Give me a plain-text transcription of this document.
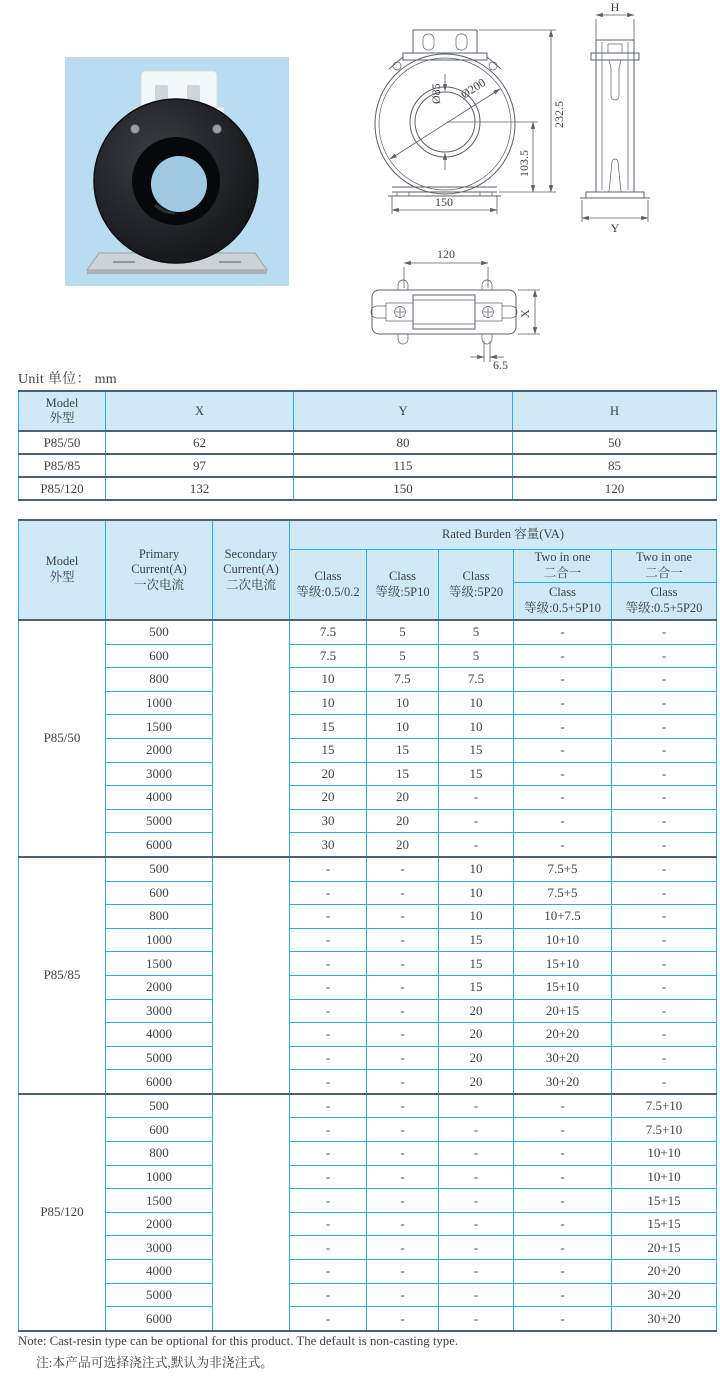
Ø85 Ø200
232.5
103.5
150
H
Y
120
X
6.5
Unit 单位： mm
Model
外型	X	Y	H
P85/50	62	80	50
P85/85	97	115	85
P85/120	132	150	120
Model
外型

Primary
Current(A)
一次电流

Secondary
Current(A)
二次电流
	Rated Burden 容量(VA)

Class
等级:0.5/0.2

Class
等级:5P10

Class
等级:5P20

Two in one
二合一

Two in one
二合一

Class
等级:0.5+5P10

Class
等级:0.5+5P20

P85/50	500		7.5	5	5	-	-
	600		7.5	5	5	-	-
	800		10	7.5	7.5	-	-
	1000		10	10	10	-	-
	1500		15	10	10	-	-
	2000		15	15	15	-	-
	3000		20	15	15	-	-
	4000		20	20	-	-	-
	5000		30	20	-	-	-
	6000		30	20	-	-	-
P85/85	500		-	-	10	7.5+5	-
	600		-	-	10	7.5+5	-
	800		-	-	10	10+7.5	-
	1000		-	-	15	10+10	-
	1500		-	-	15	15+10	-
	2000		-	-	15	15+10	-
	3000		-	-	20	20+15	-
	4000		-	-	20	20+20	-
	5000		-	-	20	30+20	-
	6000		-	-	20	30+20	-
P85/120	500		-	-	-	-	7.5+10
	600		-	-	-	-	7.5+10
	800		-	-	-	-	10+10
	1000		-	-	-	-	10+10
	1500		-	-	-	-	15+15
	2000		-	-	-	-	15+15
	3000		-	-	-	-	20+15
	4000		-	-	-	-	20+20
	5000		-	-	-	-	30+20
	6000		-	-	-	-	30+20
Note: Cast-resin type can be optional for this product. The default is non-casting type.
注:本产品可选择浇注式,默认为非浇注式。
